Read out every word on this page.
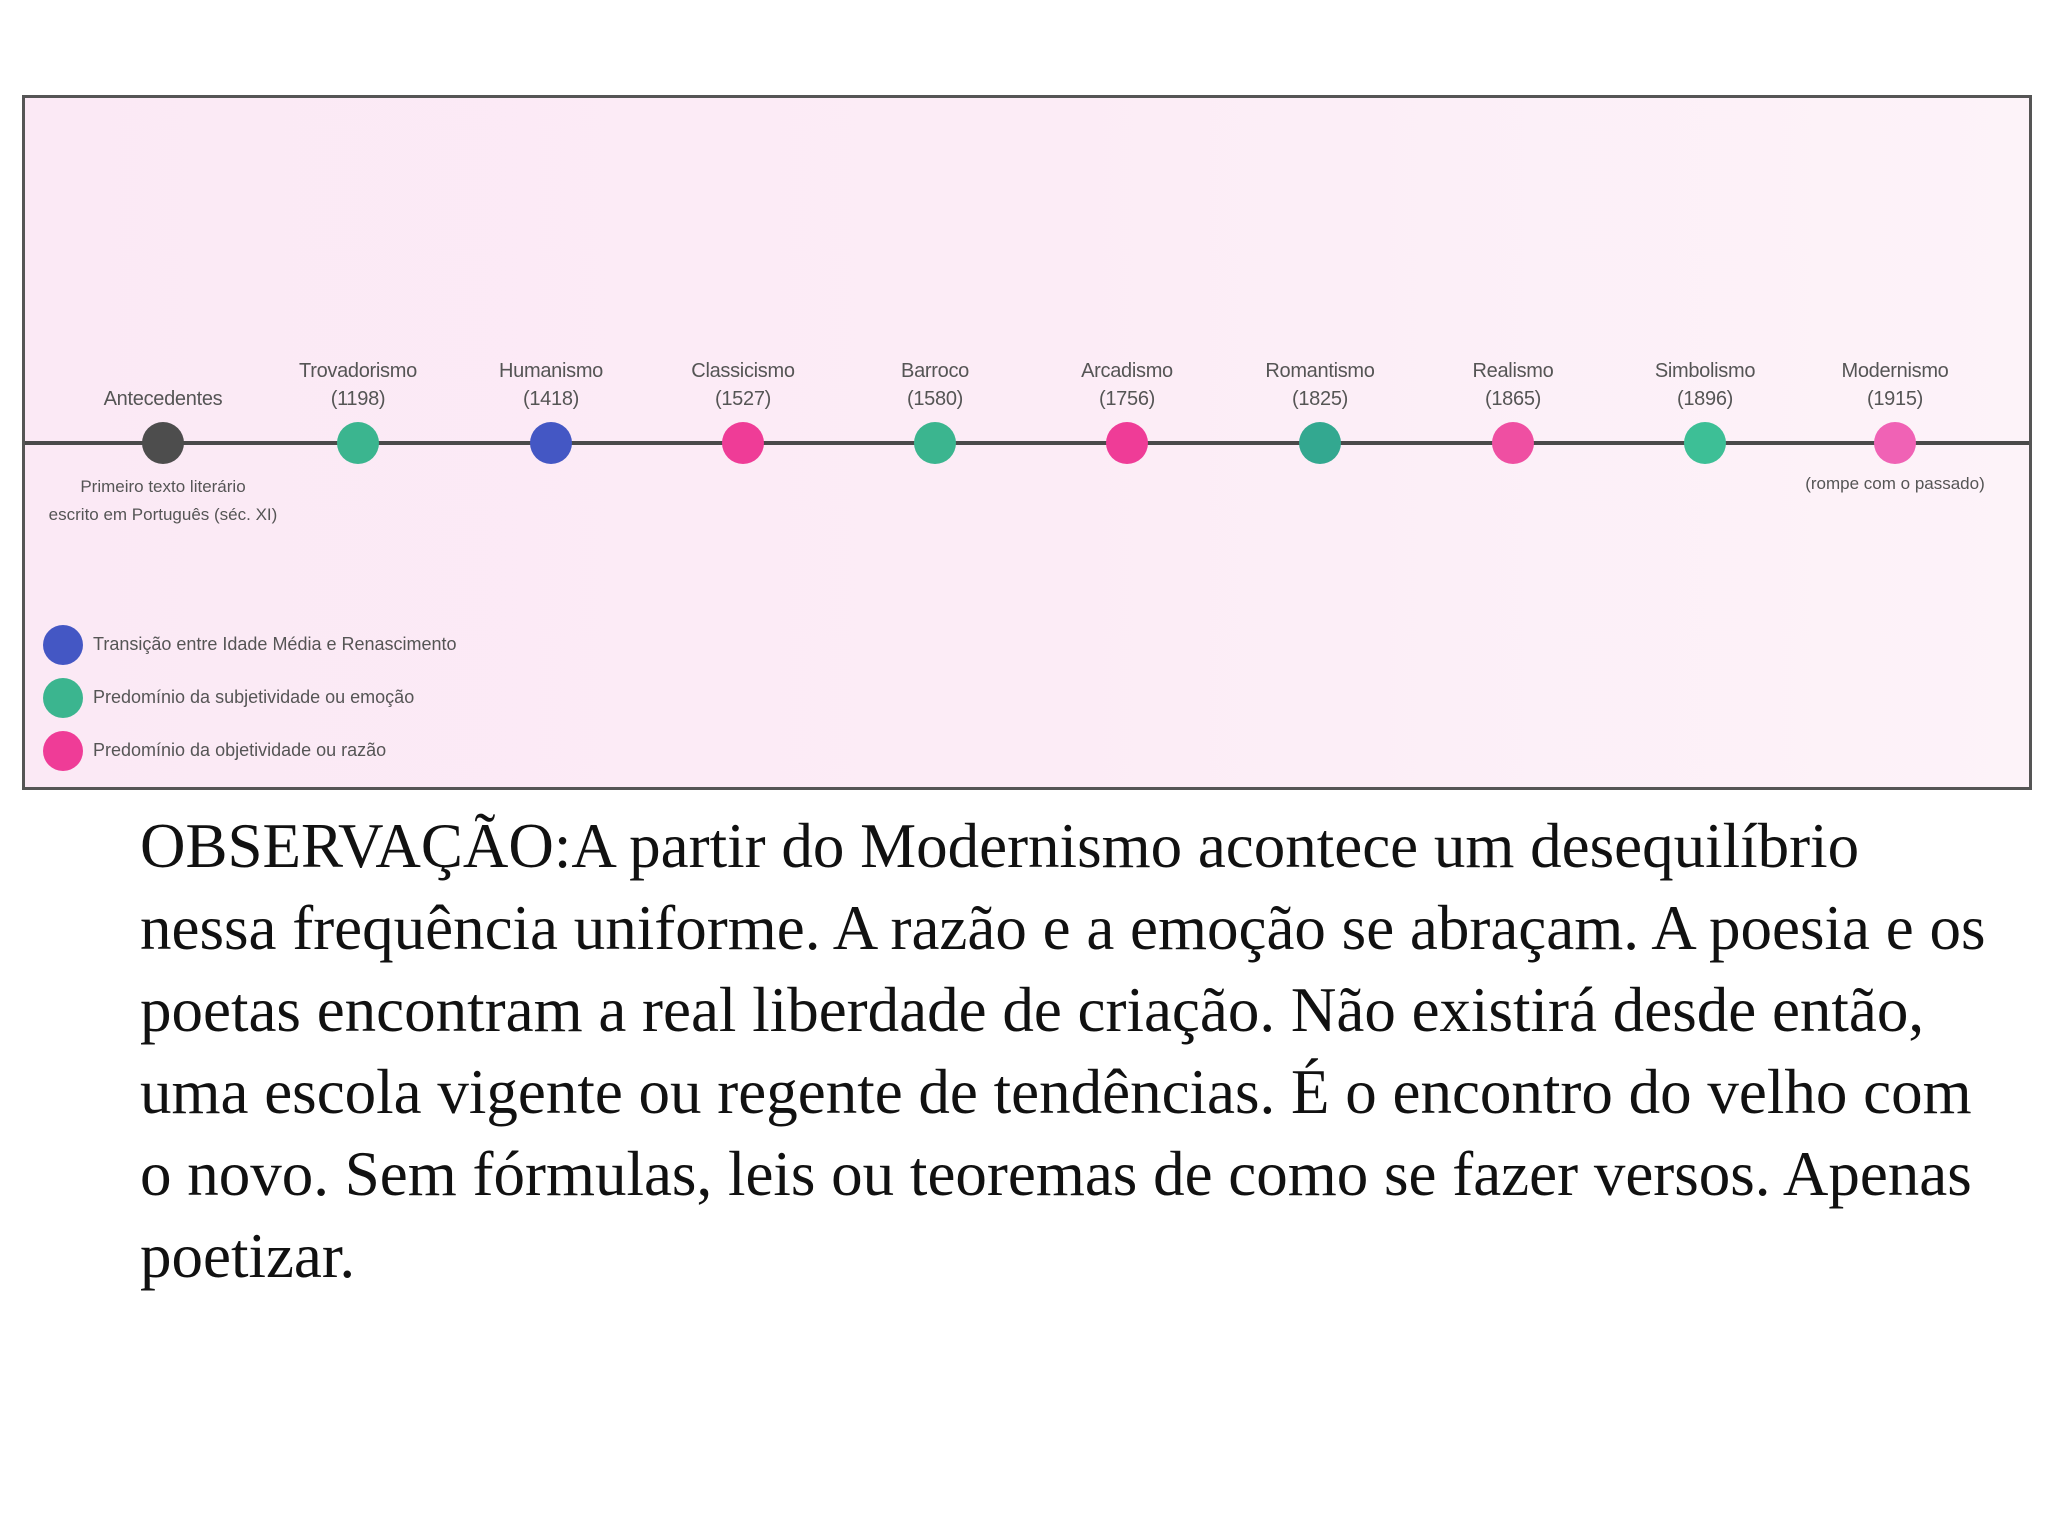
Antecedentes
Primeiro texto literário
escrito em Português (séc. XI)
Trovadorismo
(1198)
Humanismo
(1418)
Classicismo
(1527)
Barroco
(1580)
Arcadismo
(1756)
Romantismo
(1825)
Realismo
(1865)
Simbolismo
(1896)
Modernismo
(1915)
(rompe com o passado)
Transição entre Idade Média e Renascimento
Predomínio da subjetividade ou emoção
Predomínio da objetividade ou razão

OBSERVAÇÃO:A partir do Modernismo acontece um desequilíbrio nessa frequência uniforme. A razão e a emoção se abraçam. A poesia e os poetas encontram a real liberdade de criação. Não existirá desde então, uma escola vigente ou regente de tendências. É o encontro do velho com o novo. Sem fórmulas, leis ou teoremas de como se fazer versos. Apenas poetizar.
